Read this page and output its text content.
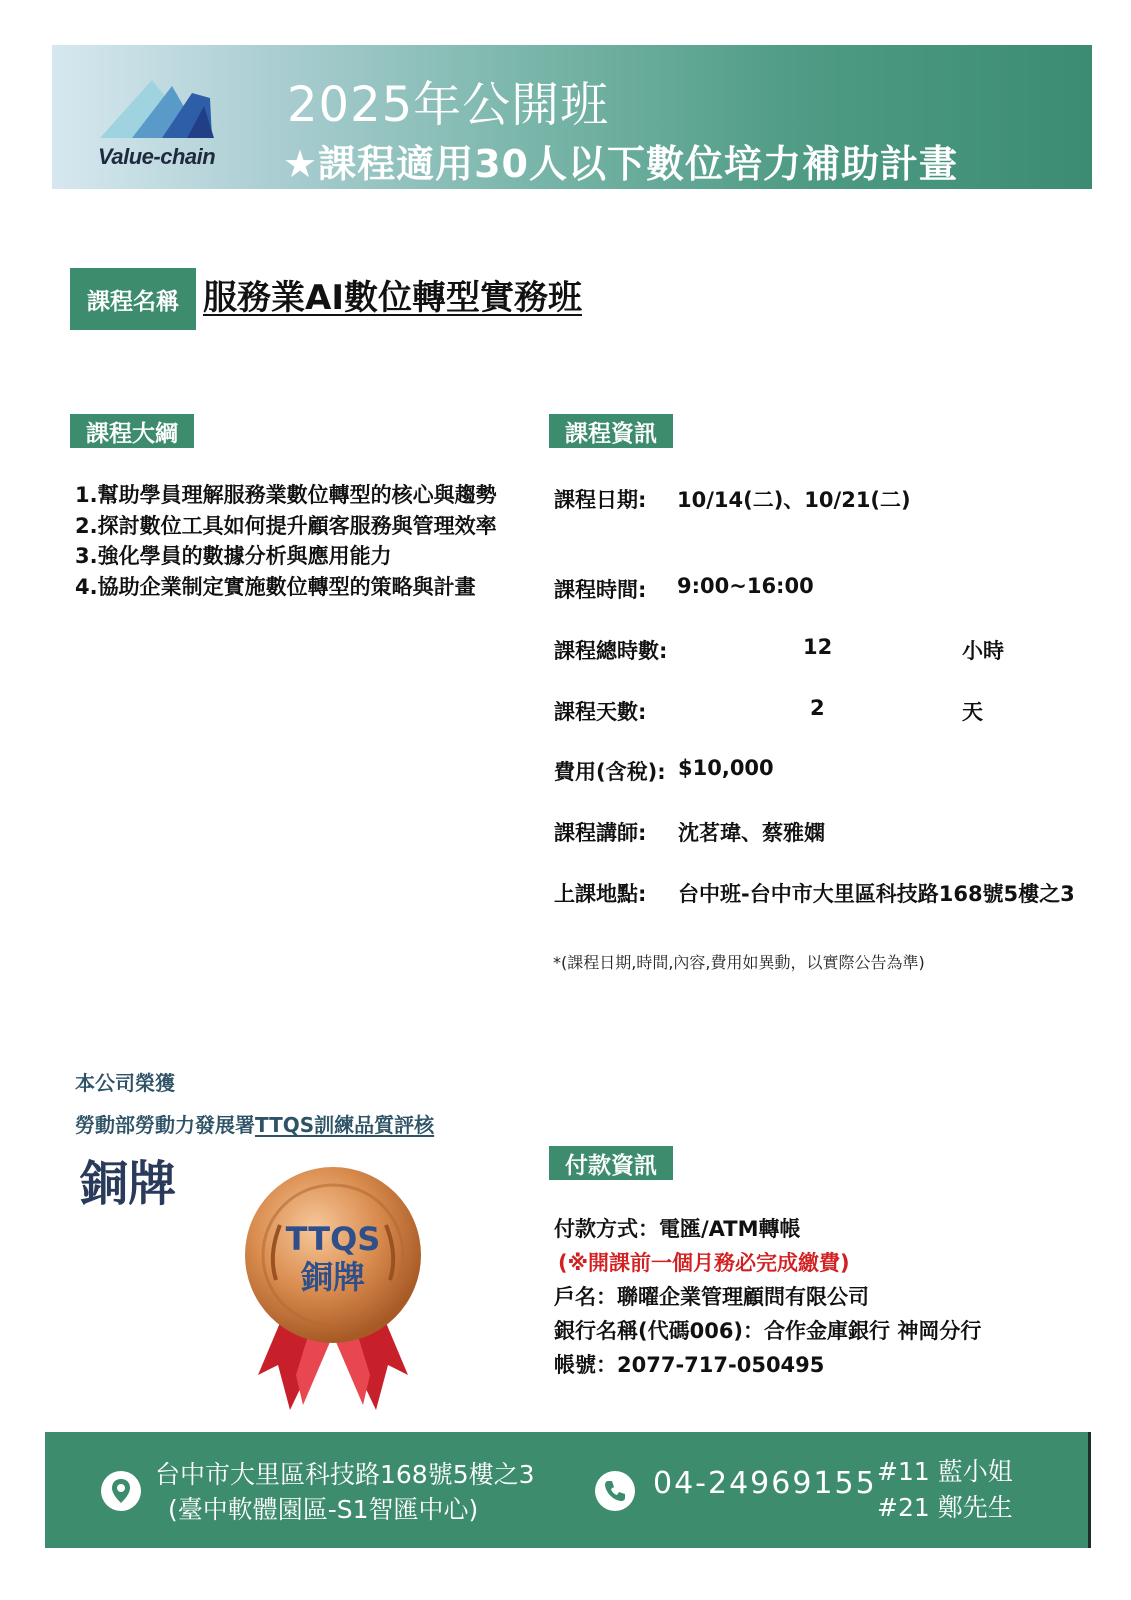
Value-chain
2025年公開班
★課程適用30人以下數位培力補助計畫
課程名稱 服務業AI數位轉型實務班
課程大綱
1.幫助學員理解服務業數位轉型的核心與趨勢
2.探討數位工具如何提升顧客服務與管理效率
3.強化學員的數據分析與應用能力
4.協助企業制定實施數位轉型的策略與計畫
課程資訊
課程日期: 10/14(二)、10/21(二)
課程時間: 9:00~16:00
課程總時數:	12	小時
課程天數:	2	天
費用(含稅): $10,000
課程講師: 沈茗瑋、蔡雅嫻
上課地點: 台中班-台中市大里區科技路168號5樓之3
*(課程日期,時間,內容,費用如異動，以實際公告為準)
本公司榮獲
勞動部勞動力發展署TTQS訓練品質評核
銅牌
TTQS
銅牌
付款資訊
付款方式：電匯/ATM轉帳
(※開課前一個月務必完成繳費)
戶名：聯曜企業管理顧問有限公司
銀行名稱(代碼006)：合作金庫銀行 神岡分行
帳號：2077-717-050495
台中市大里區科技路168號5樓之3
(臺中軟體園區-S1智匯中心)
04-24969155 #11 藍小姐
#21 鄭先生
